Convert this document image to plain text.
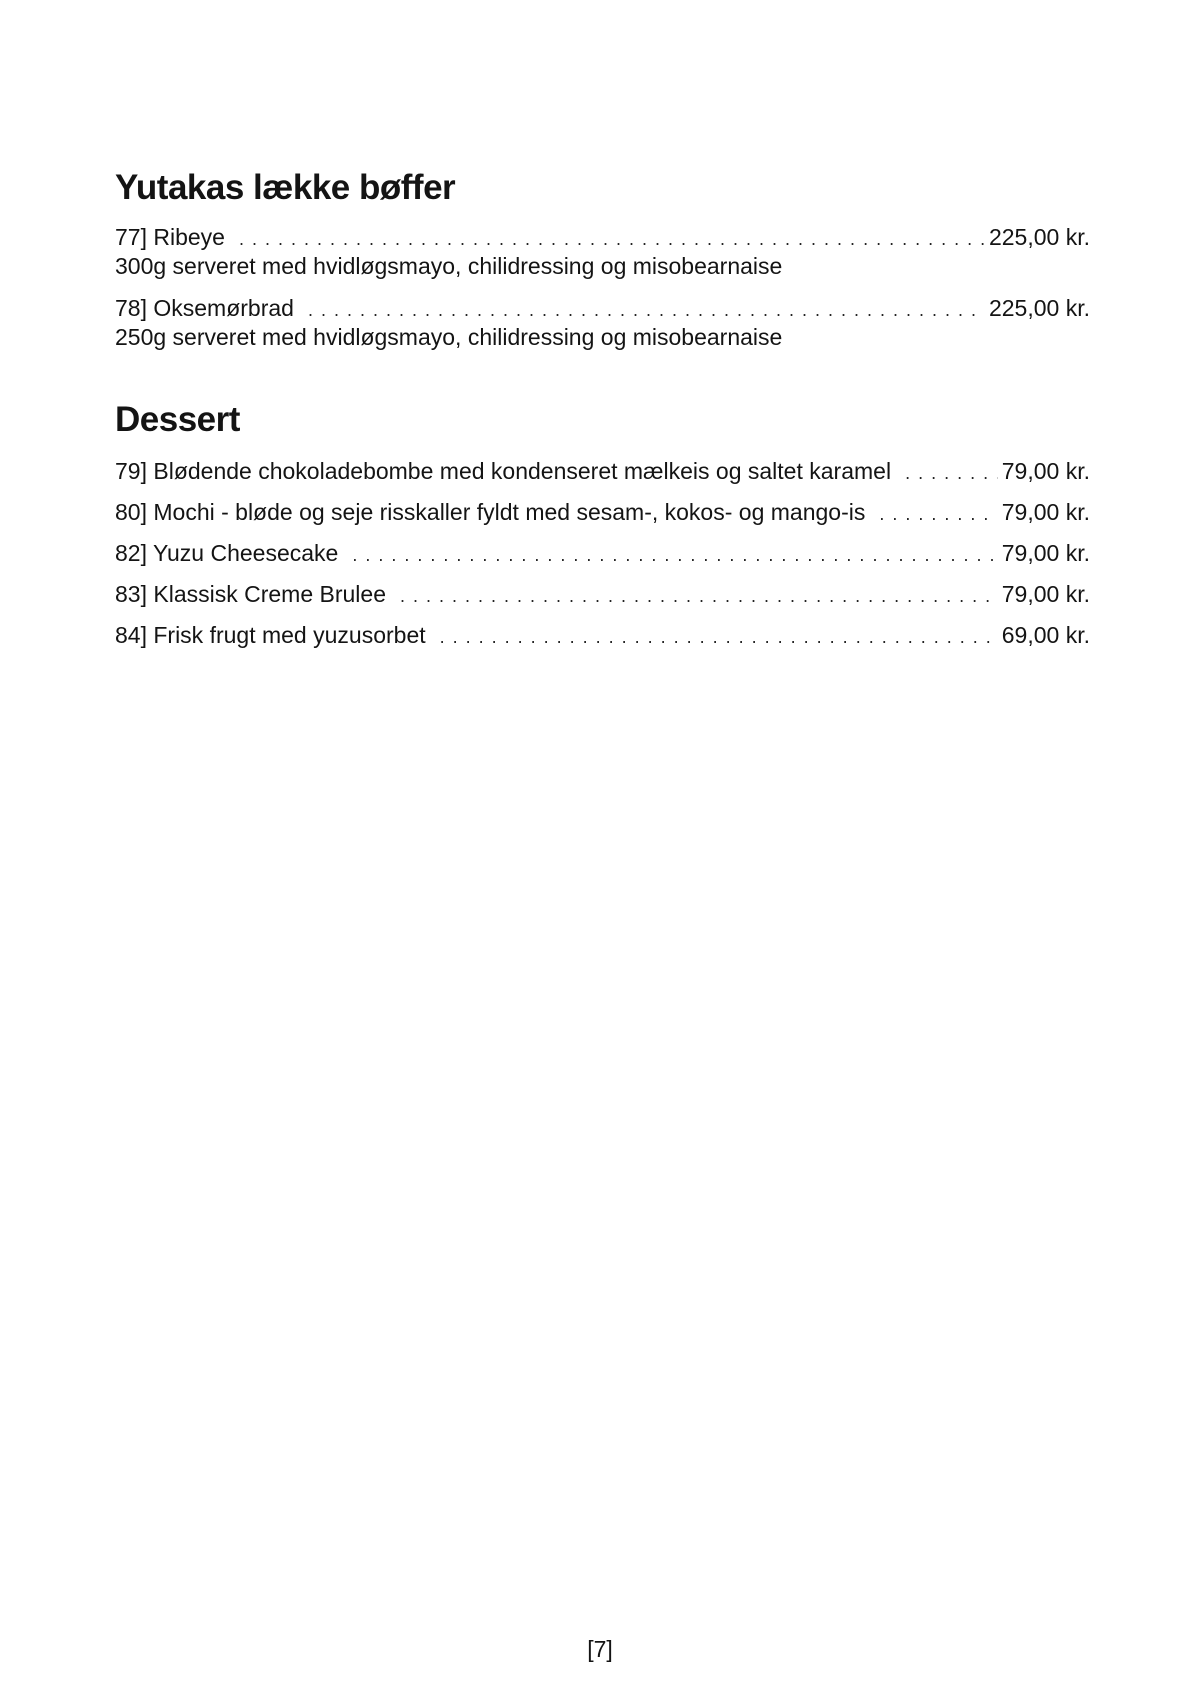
Yutakas lække bøffer
77] Ribeye . . .	225,00 kr.
300g serveret med hvidløgsmayo, chilidressing og misobearnaise
78] Oksemørbrad . . .	225,00 kr.
250g serveret med hvidløgsmayo, chilidressing og misobearnaise
Dessert
79] Blødende chokoladebombe med kondenseret mælkeis og saltet karamel . . .	79,00 kr.
80] Mochi - bløde og seje risskaller fyldt med sesam-, kokos- og mango-is . . .	79,00 kr.
82] Yuzu Cheesecake . . .	79,00 kr.
83] Klassisk Creme Brulee . . .	79,00 kr.
84] Frisk frugt med yuzusorbet . . .	69,00 kr.
[7]
